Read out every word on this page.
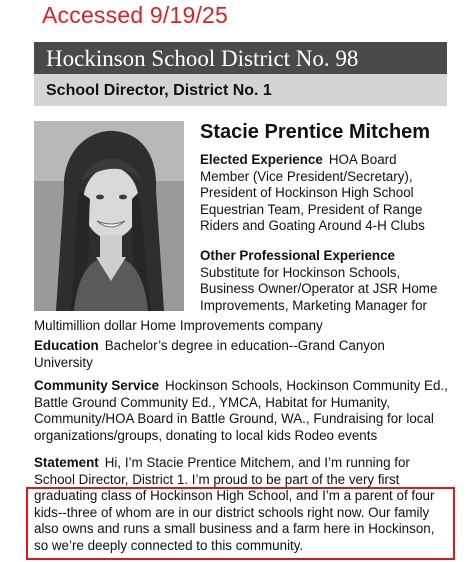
Accessed 9/19/25
Hockinson School District No. 98
School Director, District No. 1
Stacie Prentice Mitchem
Elected Experience HOA Board Member (Vice President/Secretary), President of Hockinson High School Equestrian Team, President of Range Riders and Goating Around 4-H Clubs
Other Professional Experience
Substitute for Hockinson Schools, Business Owner/Operator at JSR Home Improvements, Marketing Manager for
Multimillion dollar Home Improvements company
Education Bachelor’s degree in education--Grand Canyon University
Community Service Hockinson Schools, Hockinson Community Ed., Battle Ground Community Ed., YMCA, Habitat for Humanity, Community/HOA Board in Battle Ground, WA., Fundraising for local organizations/groups, donating to local kids Rodeo events
Statement Hi, I’m Stacie Prentice Mitchem, and I’m running for School Director, District 1. I’m proud to be part of the very first graduating class of Hockinson High School, and I’m a parent of four kids--three of whom are in our district schools right now. Our family also owns and runs a small business and a farm here in Hockinson, so we’re deeply connected to this community.
